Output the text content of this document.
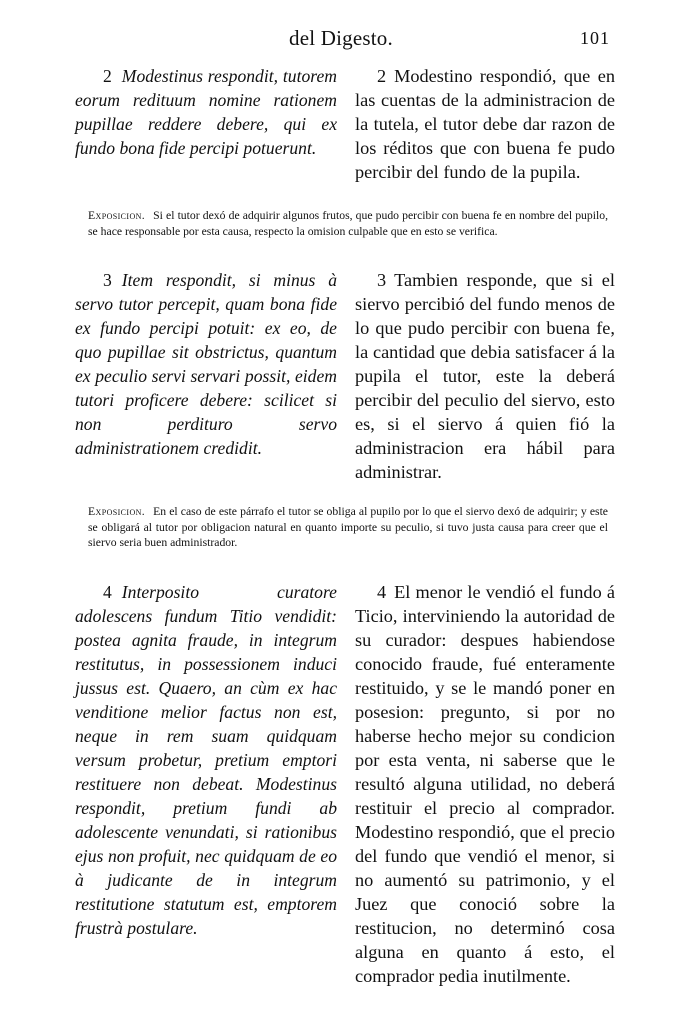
del Digesto.	101

2 Modestinus respondit, tutorem eorum redituum nomine rationem pupillae reddere debere, qui ex fundo bona fide percipi potuerunt.

2 Modestino respondió, que en las cuentas de la administracion de la tutela, el tutor debe dar razon de los réditos que con buena fe pudo percibir del fundo de la pupila.

Exposicion. Si el tutor dexó de adquirir algunos frutos, que pudo percibir con buena fe en nombre del pupilo, se hace responsable por esta causa, respecto la omision culpable que en esto se verifica.

3 Item respondit, si minus à servo tutor percepit, quam bona fide ex fundo percipi potuit: ex eo, de quo pupillae sit obstrictus, quantum ex peculio servi servari possit, eidem tutori proficere debere: scilicet si non perdituro servo administrationem credidit.

3 Tambien responde, que si el siervo percibió del fundo menos de lo que pudo percibir con buena fe, la cantidad que debia satisfacer á la pupila el tutor, este la deberá percibir del peculio del siervo, esto es, si el siervo á quien fió la administracion era hábil para administrar.

Exposicion. En el caso de este párrafo el tutor se obliga al pupilo por lo que el siervo dexó de adquirir; y este se obligará al tutor por obligacion natural en quanto importe su peculio, si tuvo justa causa para creer que el siervo seria buen administrador.

4 Interposito curatore adolescens fundum Titio vendidit: postea agnita fraude, in integrum restitutus, in possessionem induci jussus est. Quaero, an cùm ex hac venditione melior factus non est, neque in rem suam quidquam versum probetur, pretium emptori restituere non debeat. Modestinus respondit, pretium fundi ab adolescente venundati, si rationibus ejus non profuit, nec quidquam de eo à judicante de in integrum restitutione statutum est, emptorem frustrà postulare.

4 El menor le vendió el fundo á Ticio, interviniendo la autoridad de su curador: despues habiendose conocido fraude, fué enteramente restituido, y se le mandó poner en posesion: pregunto, si por no haberse hecho mejor su condicion por esta venta, ni saberse que le resultó alguna utilidad, no deberá restituir el precio al comprador. Modestino respondió, que el precio del fundo que vendió el menor, si no aumentó su patrimonio, y el Juez que conoció sobre la restitucion, no determinó cosa alguna en quanto á esto, el comprador pedia inutilmente.
